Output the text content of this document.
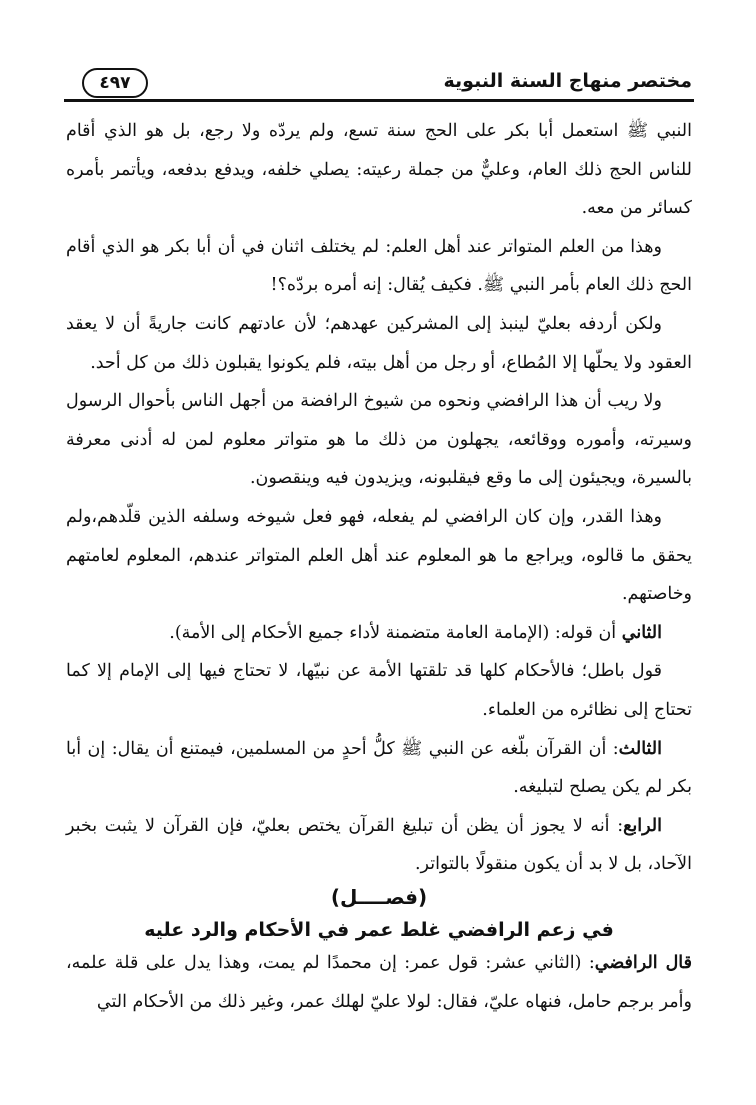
مختصر منهاج السنة النبوية
٤٩٧

النبي ﷺ استعمل أبا بكر على الحج سنة تسع، ولم يردّه ولا رجع، بل هو الذي أقام للناس الحج ذلك العام، وعليٌّ من جملة رعيته: يصلي خلفه، ويدفع بدفعه، ويأتمر بأمره كسائر من معه.

وهذا من العلم المتواتر عند أهل العلم: لم يختلف اثنان في أن أبا بكر هو الذي أقام الحج ذلك العام بأمر النبي ﷺ. فكيف يُقال: إنه أمره بردّه؟!

ولكن أردفه بعليّ لينبذ إلى المشركين عهدهم؛ لأن عادتهم كانت جاريةً أن لا يعقد العقود ولا يحلّها إلا المُطاع، أو رجل من أهل بيته، فلم يكونوا يقبلون ذلك من كل أحد.

ولا ريب أن هذا الرافضي ونحوه من شيوخ الرافضة من أجهل الناس بأحوال الرسول وسيرته، وأموره ووقائعه، يجهلون من ذلك ما هو متواتر معلوم لمن له أدنى معرفة بالسيرة، ويجيئون إلى ما وقع فيقلبونه، ويزيدون فيه وينقصون.

وهذا القدر، وإن كان الرافضي لم يفعله، فهو فعل شيوخه وسلفه الذين قلّدهم،ولم يحقق ما قالوه، ويراجع ما هو المعلوم عند أهل العلم المتواتر عندهم، المعلوم لعامتهم وخاصتهم.

الثاني أن قوله: (الإمامة العامة متضمنة لأداء جميع الأحكام إلى الأمة).

قول باطل؛ فالأحكام كلها قد تلقتها الأمة عن نبيّها، لا تحتاج فيها إلى الإمام إلا كما تحتاج إلى نظائره من العلماء.

الثالث: أن القرآن بلّغه عن النبي ﷺ كلُّ أحدٍ من المسلمين، فيمتنع أن يقال: إن أبا بكر لم يكن يصلح لتبليغه.

الرابع: أنه لا يجوز أن يظن أن تبليغ القرآن يختص بعليّ، فإن القرآن لا يثبت بخبر الآحاد، بل لا بد أن يكون منقولًا بالتواتر.

(فصــــل)
في زعم الرافضي غلط عمر في الأحكام والرد عليه

قال الرافضي: (الثاني عشر: قول عمر: إن محمدًا لم يمت، وهذا يدل على قلة علمه، وأمر برجم حامل، فنهاه عليّ، فقال: لولا عليّ لهلك عمر، وغير ذلك من الأحكام التي
